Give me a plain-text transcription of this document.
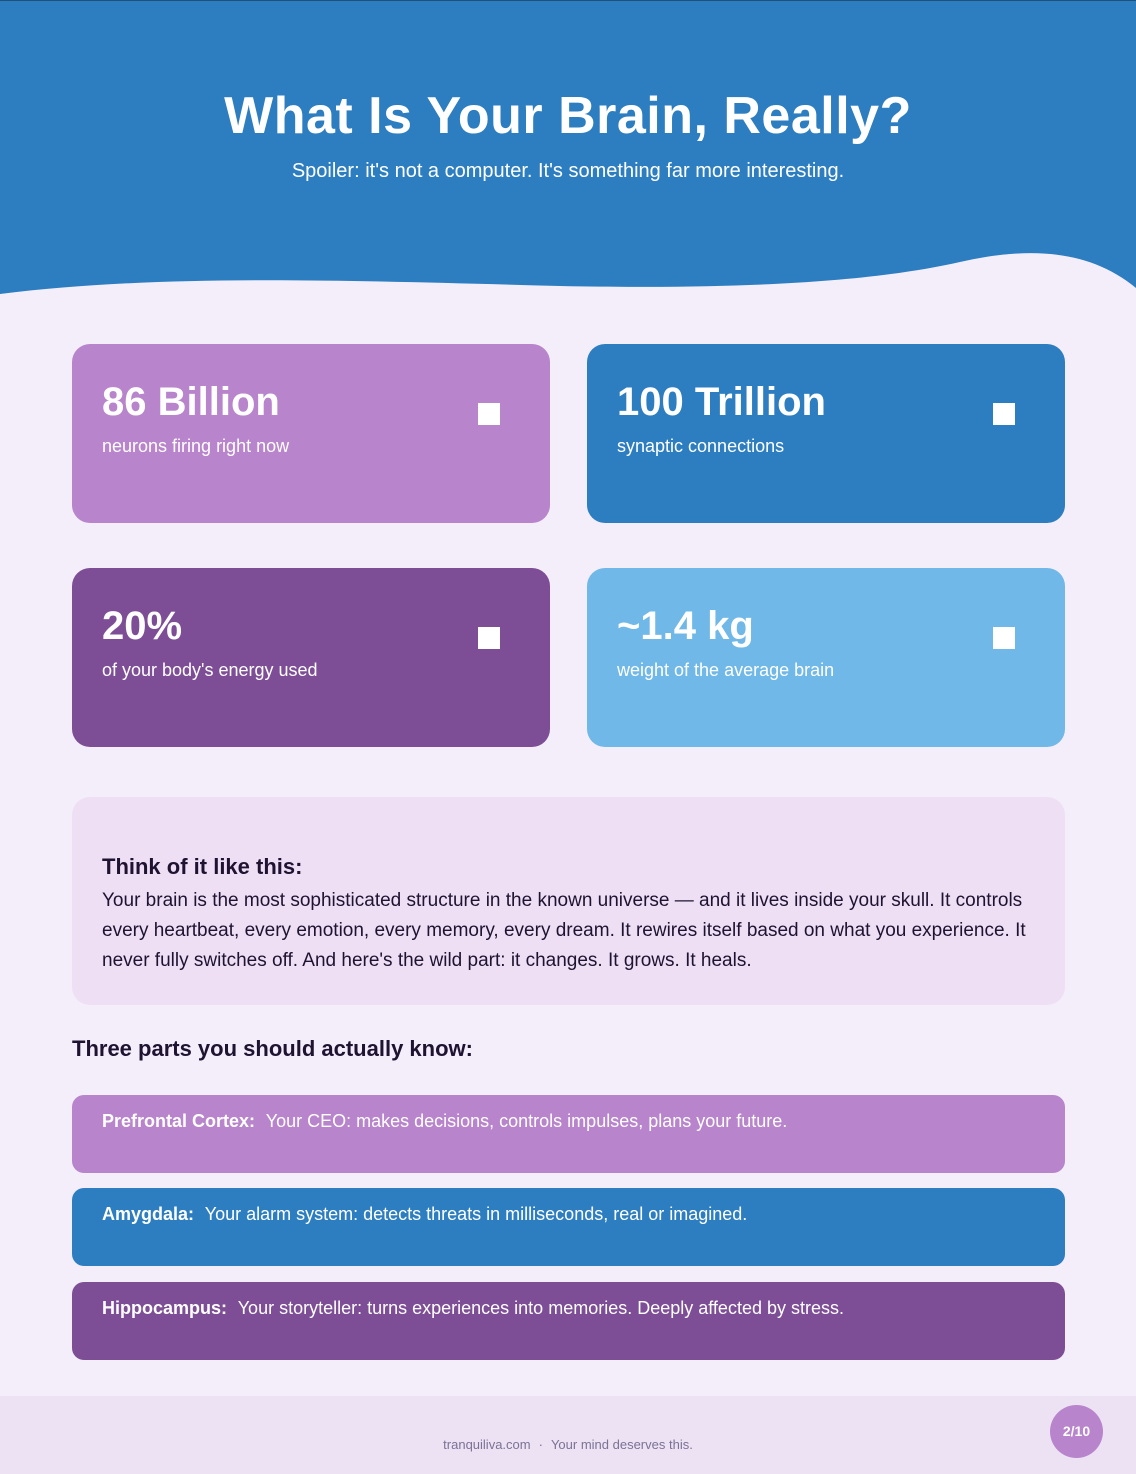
What Is Your Brain, Really?
Spoiler: it's not a computer. It's something far more interesting.
86 Billion
neurons firing right now
100 Trillion
synaptic connections
20%
of your body's energy used
~1.4 kg
weight of the average brain
Think of it like this:

Your brain is the most sophisticated structure in the known universe — and it lives inside your skull. It controls every heartbeat, every emotion, every memory, every dream. It rewires itself based on what you experience. It never fully switches off. And here's the wild part: it changes. It grows. It heals.

Three parts you should actually know:
Prefrontal Cortex: Your CEO: makes decisions, controls impulses, plans your future.
Amygdala: Your alarm system: detects threats in milliseconds, real or imagined.
Hippocampus: Your storyteller: turns experiences into memories. Deeply affected by stress.
tranquiliva.com · Your mind deserves this.
2/10
